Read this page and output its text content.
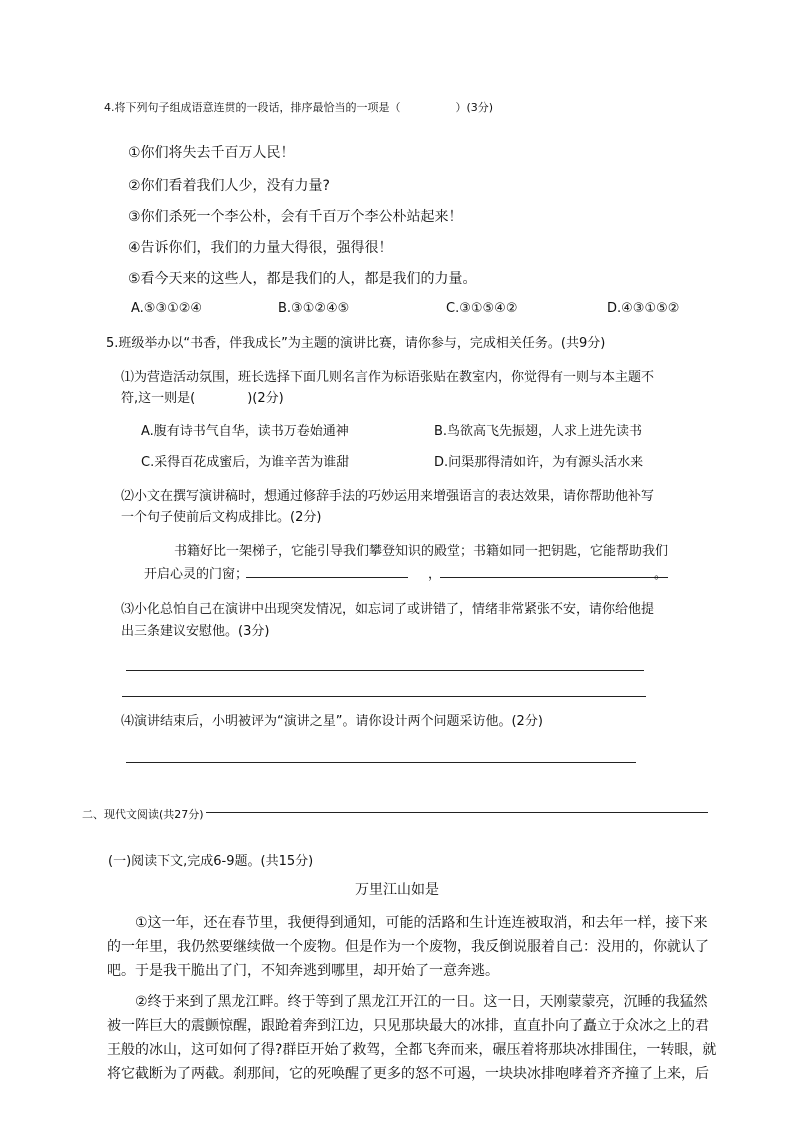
4.将下列句子组成语意连贯的一段话，排序最恰当的一项是（　　　　　）(3分)
①你们将失去千百万人民！
②你们看着我们人少，没有力量?
③你们杀死一个李公朴，会有千百万个李公朴站起来！
④告诉你们，我们的力量大得很，强得很！
⑤看今天来的这些人，都是我们的人，都是我们的力量。
A.⑤③①②④	B.③①②④⑤	C.③①⑤④②	D.④③①⑤②
5.班级举办以“书香，伴我成长”为主题的演讲比赛，请你参与，完成相关任务。(共9分)
⑴为营造活动氛围，班长选择下面几则名言作为标语张贴在教室内，你觉得有一则与本主题不
符,这一则是(　　　　)(2分)
A.腹有诗书气自华，读书万卷始通神	B.鸟欲高飞先振翅，人求上进先读书
C.采得百花成蜜后，为谁辛苦为谁甜	D.问渠那得清如许，为有源头活水来
⑵小文在撰写演讲稿时，想通过修辞手法的巧妙运用来增强语言的表达效果，请你帮助他补写
一个句子使前后文构成排比。(2分)
书籍好比一架梯子，它能引导我们攀登知识的殿堂；书籍如同一把钥匙，它能帮助我们
开启心灵的门窗；	，	。
⑶小化总怕自己在演讲中出现突发情况，如忘词了或讲错了，情绪非常紧张不安，请你给他提
出三条建议安慰他。(3分)
⑷演讲结束后，小明被评为“演讲之星”。请你设计两个问题采访他。(2分)
二、现代文阅读(共27分)
(一)阅读下文,完成6-9题。(共15分)
万里江山如是
①这一年，还在春节里，我便得到通知，可能的活路和生计连连被取消，和去年一样，接下来
的一年里，我仍然要继续做一个废物。但是作为一个废物，我反倒说服着自己：没用的，你就认了
吧。于是我干脆出了门，不知奔逃到哪里，却开始了一意奔逃。
②终于来到了黑龙江畔。终于等到了黑龙江开江的一日。这一日，天刚蒙蒙亮，沉睡的我猛然
被一阵巨大的震颤惊醒，跟跄着奔到江边，只见那块最大的冰排，直直扑向了矗立于众冰之上的君
王般的冰山，这可如何了得?群臣开始了救驾，全都飞奔而来，碾压着将那块冰排围住，一转眼，就
将它截断为了两截。刹那间，它的死唤醒了更多的怒不可遏，一块块冰排咆哮着齐齐撞了上来，后
